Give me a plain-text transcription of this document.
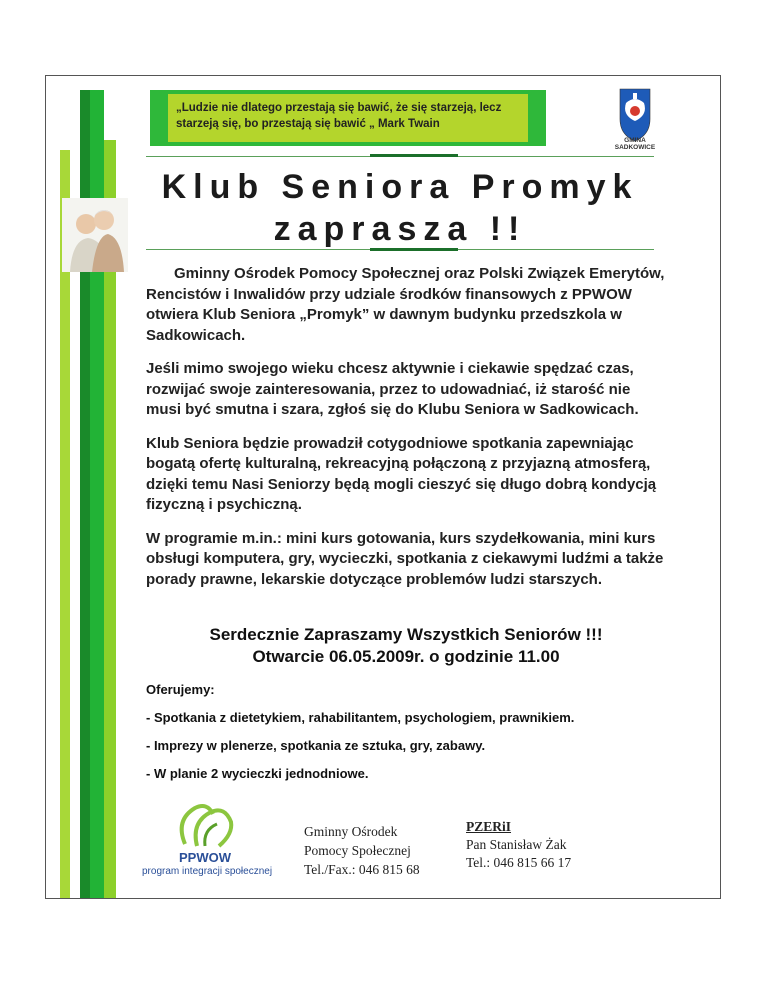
„Ludzie nie dlatego przestają się bawić, że się starzeją, lecz
starzeją się, bo przestają się bawić „ Mark Twain
GMINA SADKOWICE
Klub Seniora Promyk
zaprasza !!

Gminny Ośrodek Pomocy Społecznej oraz Polski Związek Emerytów, Rencistów i Inwalidów przy udziale środków finansowych z PPWOW otwiera Klub Seniora „Promyk” w dawnym budynku przedszkola w Sadkowicach.

Jeśli mimo swojego wieku chcesz aktywnie i ciekawie spędzać czas, rozwijać swoje zainteresowania, przez to udowadniać, iż starość nie musi być smutna i szara, zgłoś się do Klubu Seniora w Sadkowicach.

Klub Seniora będzie prowadził cotygodniowe spotkania zapewniając bogatą ofertę kulturalną, rekreacyjną połączoną z przyjazną atmosferą, dzięki temu Nasi Seniorzy będą mogli cieszyć się długo dobrą kondycją fizyczną i psychiczną.

W programie m.in.: mini kurs gotowania, kurs szydełkowania, mini kurs obsługi komputera, gry, wycieczki, spotkania z ciekawymi ludźmi a także porady prawne, lekarskie dotyczące problemów ludzi starszych.

Serdecznie Zapraszamy Wszystkich Seniorów !!!
Otwarcie 06.05.2009r. o godzinie 11.00
Oferujemy:
- Spotkania z dietetykiem, rahabilitantem, psychologiem, prawnikiem.
- Imprezy w plenerze, spotkania ze sztuka, gry, zabawy.
- W planie 2 wycieczki jednodniowe.
PPWOW
program integracji społecznej
Gminny Ośrodek
Pomocy Społecznej
Tel./Fax.: 046 815 68
PZERiI
Pan Stanisław Żak
Tel.: 046 815 66 17
